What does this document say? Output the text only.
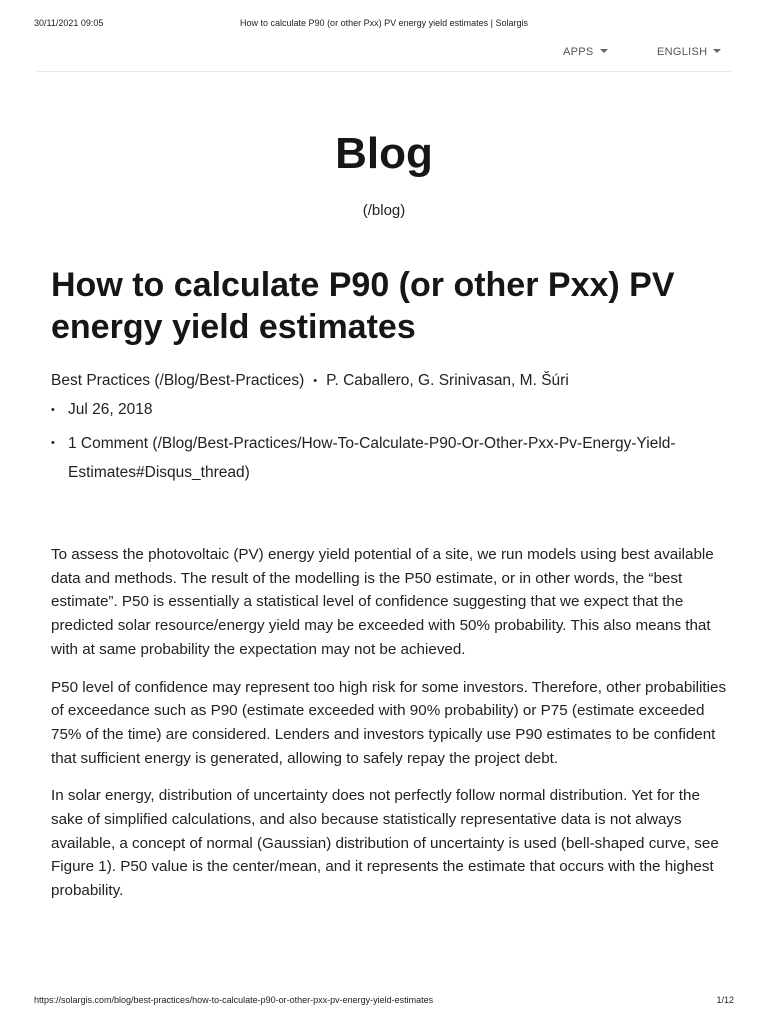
30/11/2021 09:05	How to calculate P90 (or other Pxx) PV energy yield estimates | Solargis
APPS	ENGLISH
Blog
(/blog)
How to calculate P90 (or other Pxx) PV energy yield estimates
Best Practices (/Blog/Best-Practices) • P. Caballero, G. Srinivasan, M. Šúri
• Jul 26, 2018
• 1 Comment (/Blog/Best-Practices/How-To-Calculate-P90-Or-Other-Pxx-Pv-Energy-Yield-Estimates#Disqus_thread)

To assess the photovoltaic (PV) energy yield potential of a site, we run models using best available data and methods. The result of the modelling is the P50 estimate, or in other words, the “best estimate”. P50 is essentially a statistical level of confidence suggesting that we expect that the predicted solar resource/energy yield may be exceeded with 50% probability. This also means that with at same probability the expectation may not be achieved.

P50 level of confidence may represent too high risk for some investors. Therefore, other probabilities of exceedance such as P90 (estimate exceeded with 90% probability) or P75 (estimate exceeded 75% of the time) are considered. Lenders and investors typically use P90 estimates to be confident that sufficient energy is generated, allowing to safely repay the project debt.

In solar energy, distribution of uncertainty does not perfectly follow normal distribution. Yet for the sake of simplified calculations, and also because statistically representative data is not always available, a concept of normal (Gaussian) distribution of uncertainty is used (bell-shaped curve, see Figure 1). P50 value is the center/mean, and it represents the estimate that occurs with the highest probability.

https://solargis.com/blog/best-practices/how-to-calculate-p90-or-other-pxx-pv-energy-yield-estimates	1/12
